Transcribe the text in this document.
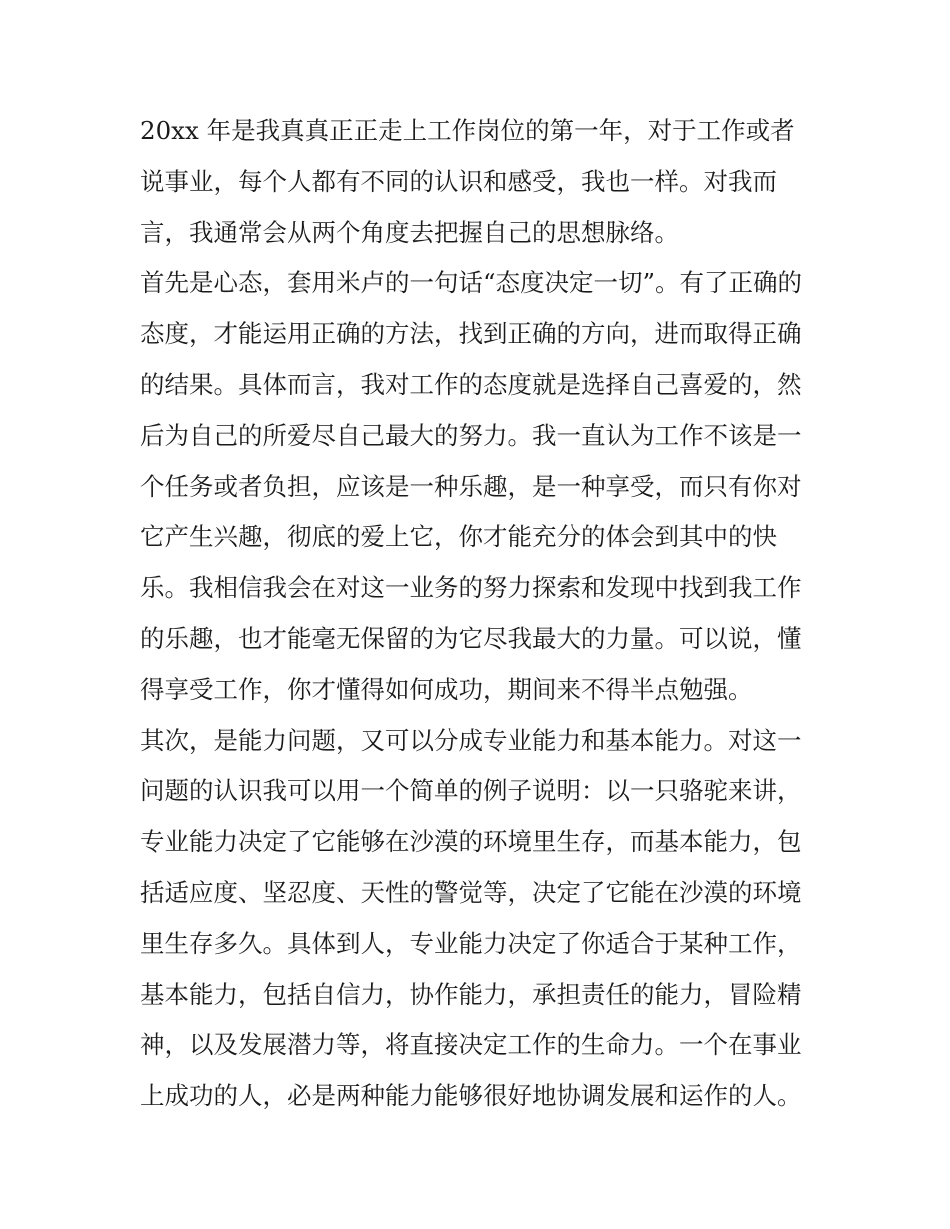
20xx 年是我真真正正走上工作岗位的第一年，对于工作或者
说事业，每个人都有不同的认识和感受，我也一样。对我而
言，我通常会从两个角度去把握自己的思想脉络。
首先是心态，套用米卢的一句话“态度决定一切”。有了正确的
态度，才能运用正确的方法，找到正确的方向，进而取得正确
的结果。具体而言，我对工作的态度就是选择自己喜爱的，然
后为自己的所爱尽自己最大的努力。我一直认为工作不该是一
个任务或者负担，应该是一种乐趣，是一种享受，而只有你对
它产生兴趣，彻底的爱上它，你才能充分的体会到其中的快
乐。我相信我会在对这一业务的努力探索和发现中找到我工作
的乐趣，也才能毫无保留的为它尽我最大的力量。可以说，懂
得享受工作，你才懂得如何成功，期间来不得半点勉强。
其次，是能力问题，又可以分成专业能力和基本能力。对这一
问题的认识我可以用一个简单的例子说明：以一只骆驼来讲，
专业能力决定了它能够在沙漠的环境里生存，而基本能力，包
括适应度、坚忍度、天性的警觉等，决定了它能在沙漠的环境
里生存多久。具体到人，专业能力决定了你适合于某种工作，
基本能力，包括自信力，协作能力，承担责任的能力，冒险精
神，以及发展潜力等，将直接决定工作的生命力。一个在事业
上成功的人，必是两种能力能够很好地协调发展和运作的人。
